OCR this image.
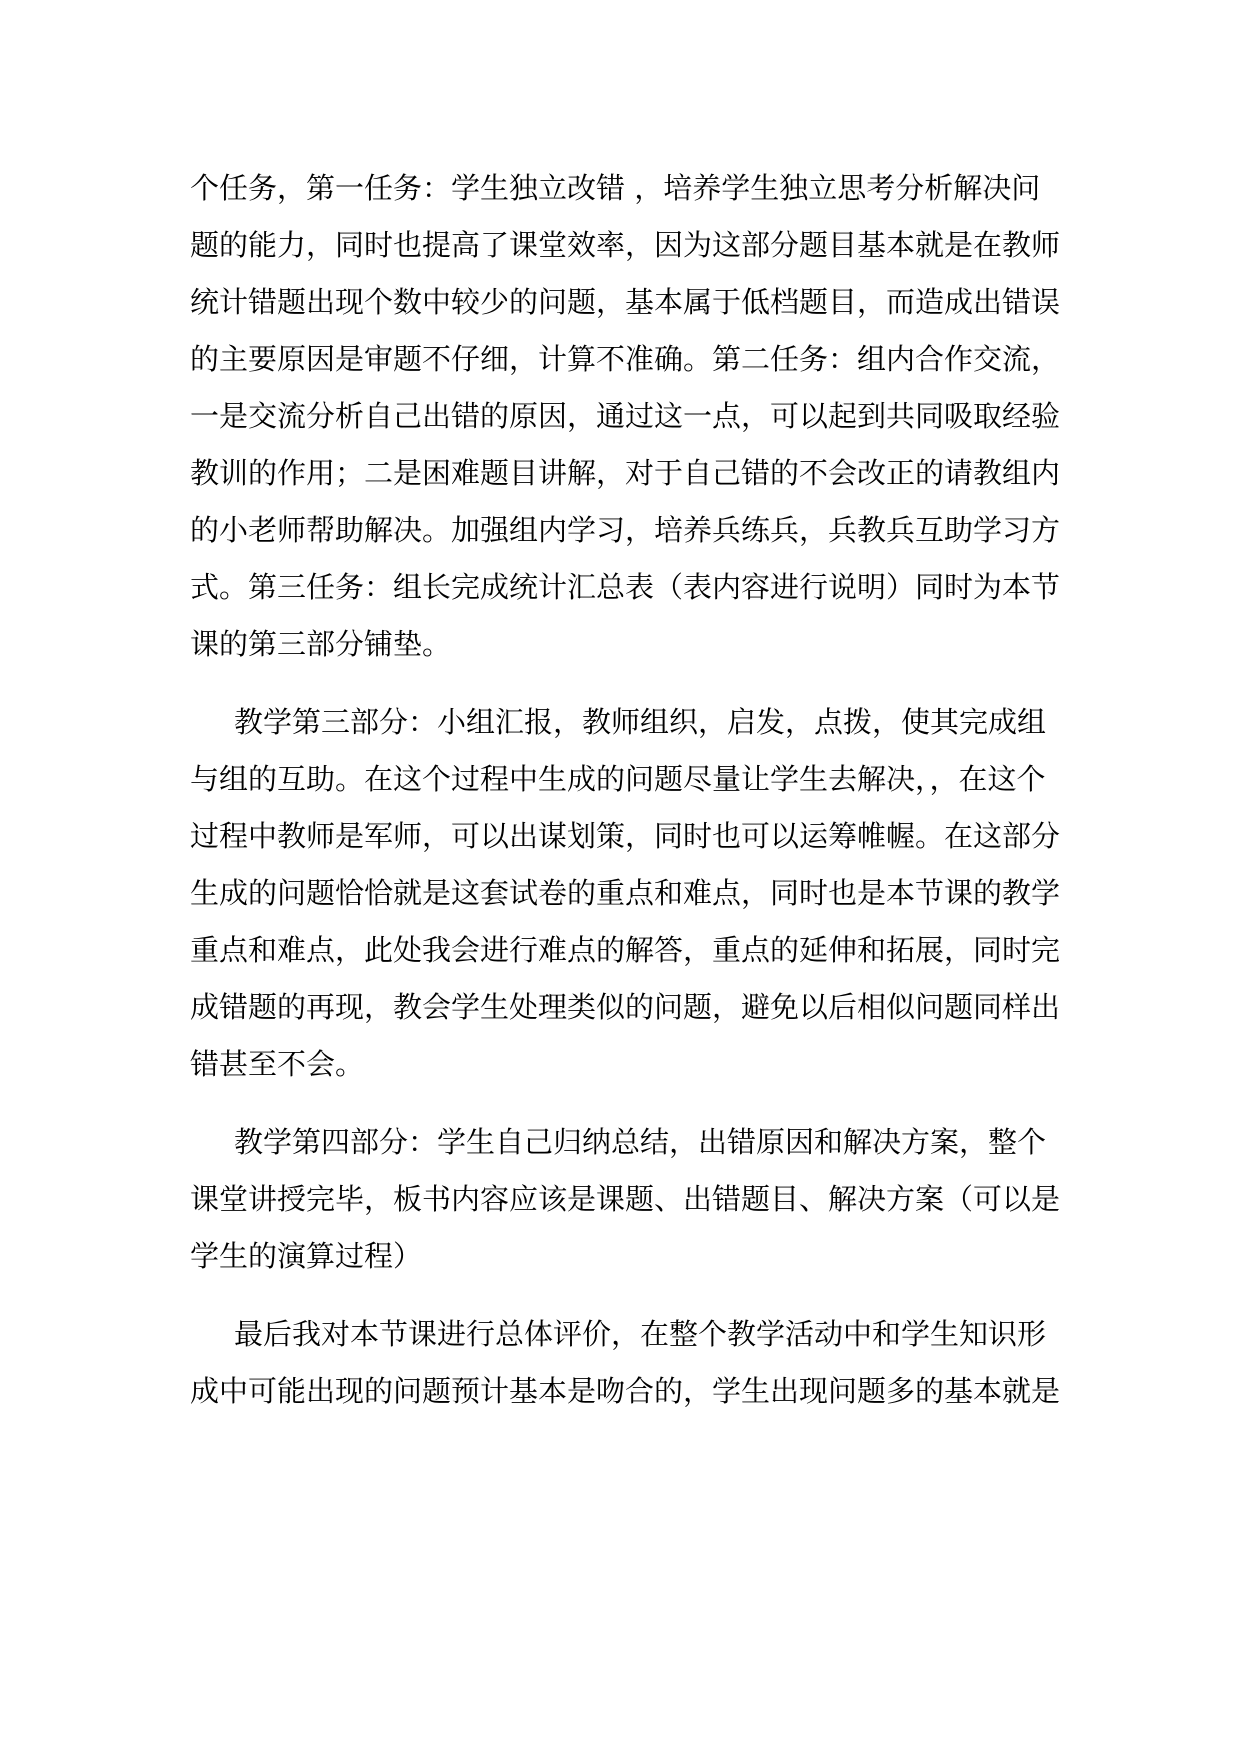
个任务，第一任务：学生独立改错 ，培养学生独立思考分析解决问
题的能力，同时也提高了课堂效率，因为这部分题目基本就是在教师
统计错题出现个数中较少的问题，基本属于低档题目，而造成出错误
的主要原因是审题不仔细，计算不准确。第二任务：组内合作交流，
一是交流分析自己出错的原因，通过这一点，可以起到共同吸取经验
教训的作用；二是困难题目讲解，对于自己错的不会改正的请教组内
的小老师帮助解决。加强组内学习，培养兵练兵，兵教兵互助学习方
式。第三任务：组长完成统计汇总表（表内容进行说明）同时为本节
课的第三部分铺垫。

教学第三部分：小组汇报，教师组织，启发，点拨，使其完成组
与组的互助。在这个过程中生成的问题尽量让学生去解决，，在这个
过程中教师是军师，可以出谋划策，同时也可以运筹帷幄。在这部分
生成的问题恰恰就是这套试卷的重点和难点，同时也是本节课的教学
重点和难点，此处我会进行难点的解答，重点的延伸和拓展，同时完
成错题的再现，教会学生处理类似的问题，避免以后相似问题同样出
错甚至不会。

教学第四部分：学生自己归纳总结，出错原因和解决方案，整个
课堂讲授完毕，板书内容应该是课题、出错题目、解决方案（可以是
学生的演算过程）

最后我对本节课进行总体评价，在整个教学活动中和学生知识形
成中可能出现的问题预计基本是吻合的，学生出现问题多的基本就是
